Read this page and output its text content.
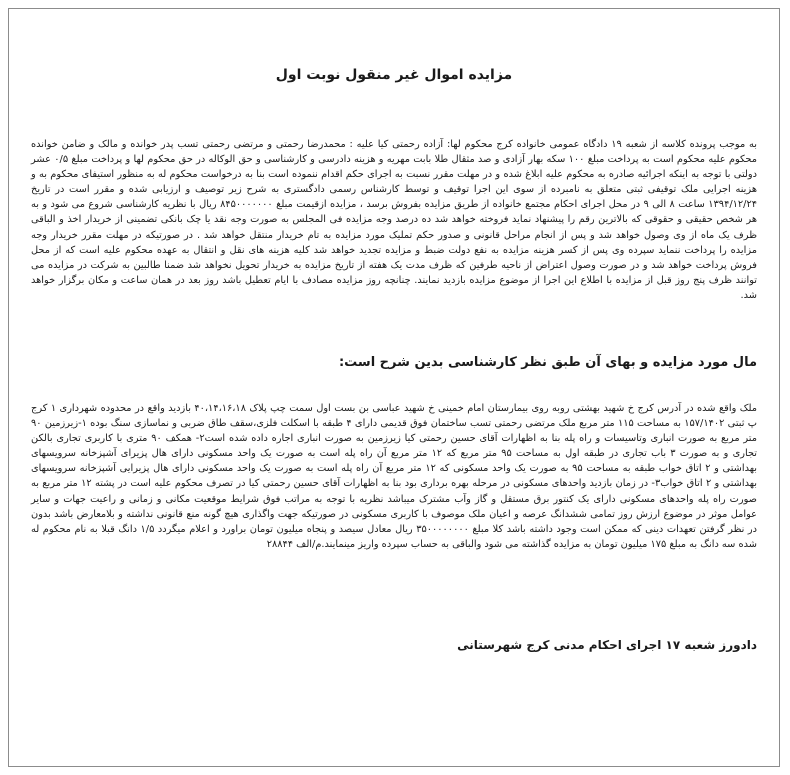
مزایده اموال غیر منقول نوبت اول

به موجب پرونده کلاسه از شعبه ۱۹ دادگاه عمومی خانواده کرج محکوم لها: آزاده رحمتی کیا علیه : محمدرضا رحمتی و مرتضی رحمتی تسب پدر خوانده و مالک و ضامن خوانده محکوم علیه محکوم است به پرداخت مبلغ ۱۰۰ سکه بهار آزادی و صد مثقال طلا بابت مهریه و هزینه دادرسی و کارشناسی و حق الوکاله در حق محکوم لها و پرداخت مبلغ ۰/۵ عشر دولتی با توجه به اینکه اجرائیه صادره به محکوم علیه ابلاغ شده و در مهلت مقرر نسبت به اجرای حکم اقدام ننموده است بنا به درخواست محکوم له به منظور استیفای محکوم به و هزینه اجرایی ملک توقیفی ثبتی متعلق به نامبرده از سوی این اجرا توقیف و توسط کارشناس رسمی دادگستری به شرح زیر توصیف و ارزیابی شده و مقرر است در تاریخ ۱۳۹۴/۱۲/۲۴ ساعت ۸ الی ۹ در محل اجرای احکام مجتمع خانواده از طریق مزایده بفروش برسد ، مزایده ازقیمت مبلغ ۸۴۵۰۰۰۰۰۰۰ ریال با نظریه کارشناسی شروع می شود و به هر شخص حقیقی و حقوقی که بالاترین رقم را پیشنهاد نماید فروخته خواهد شد ده درصد وجه مزایده فی المجلس به صورت وجه نقد یا چک بانکی تضمینی از خریدار اخذ و الباقی ظرف یک ماه از وی وصول خواهد شد و پس از انجام مراحل قانونی و صدور حکم تملیک مورد مزایده به تام خریدار منتقل خواهد شد . در صورتیکه در مهلت مقرر خریدار وجه مزایده را پرداخت ننماید سپرده وی پس از کسر هزینه مزایده به نفع دولت ضبط و مزایده تجدید خواهد شد کلیه هزینه های نقل و انتقال به عهده محکوم علیه است که از محل فروش پرداخت خواهد شد و در صورت وصول اعتراض از ناحیه طرفین که ظرف مدت یک هفته از تاریخ مزایده به خریدار تحویل نخواهد شد ضمنا طالبین به شرکت در مزایده می توانند ظرف پنج روز قبل از مزایده با اطلاع این اجرا از موضوع مزایده بازدید نمایند. چنانچه روز مزایده مصادف با ایام تعطیل باشد روز بعد در همان ساعت و مکان برگزار خواهد شد.

مال مورد مزایده و بهای آن طبق نظر کارشناسی بدین شرح است:

ملک واقع شده در آدرس کرج خ شهید بهشتی روبه روی بیمارستان امام خمینی خ شهید عباسی بن بست اول سمت چپ پلاک ۴۰،۱۴،۱۶،۱۸ بازدید واقع در محدوده شهرداری ۱ کرج پ ثبتی ۱۵۷/۱۴۰۲ به مساحت ۱۱۵ متر مربع ملک مرتضی رحمتی تسب ساختمان فوق قدیمی دارای ۴ طبقه با اسکلت فلزی،سقف طاق ضربی و نماسازی سنگ بوده ۱-زیرزمین ۹۰ متر مربع به صورت انباری وتاسیسات و راه پله بنا به اظهارات آقای حسین رحمتی کیا زیرزمین به صورت انباری اجاره داده شده است۲- همکف ۹۰ متری با کاربری تجاری بالکن تجاری و به صورت ۳ باب تجاری در طبقه اول به مساحت ۹۵ متر مربع که ۱۲ متر مربع آن راه پله است به صورت یک واحد مسکونی دارای هال پزیرای آشپزخانه سرویسهای بهداشتی و ۲ اتاق خواب طبقه به مساحت ۹۵ به صورت یک واحد مسکونی که ۱۲ متر مربع آن راه پله است به صورت یک واحد مسکونی دارای هال پزیرایی آشپزخانه سرویسهای بهداشتی و ۲ اتاق خواب۳- در زمان بازدید واحدهای مسکونی در مرحله بهره برداری بود بنا به اظهارات آقای حسین رحمتی کیا در تصرف محکوم علیه است در پشته ۱۲ متر مربع به صورت راه پله واحدهای مسکونی دارای یک کنتور برق مستقل و گاز وآب مشترک میباشد نظریه با توجه به مراتب فوق شرایط موقعیت مکانی و زمانی و راعیت جهات و سایر عوامل موثر در موضوع ارزش روز تمامی ششدانگ عرصه و اعیان ملک موصوف با کاربری مسکونی در صورتیکه جهت واگذاری هیچ گونه منع قانونی نداشته و بلامعارض باشد بدون در نظر گرفتن تعهدات دینی که ممکن است وجود داشته باشد کلا مبلغ ۳۵۰۰۰۰۰۰۰۰ ریال معادل سیصد و پنجاه میلیون تومان براورد و اعلام میگردد ۱/۵ دانگ قبلا به نام محکوم له شده سه دانگ به مبلغ ۱۷۵ میلیون تومان به مزایده گذاشته می شود والباقی به حساب سپرده واریز مینمایند.م/الف ۲۸۸۴۴

دادورز شعبه ۱۷ اجرای احکام مدنی کرج شهرستانی
